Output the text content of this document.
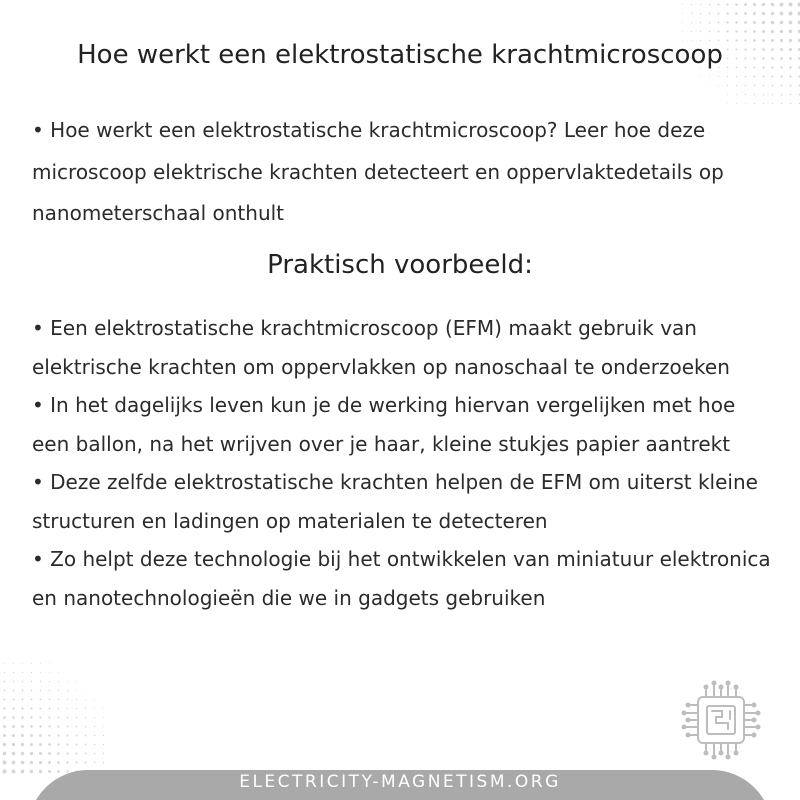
Hoe werkt een elektrostatische krachtmicroscoop

• Hoe werkt een elektrostatische krachtmicroscoop? Leer hoe deze microscoop elektrische krachten detecteert en oppervlaktedetails op nanometerschaal onthult

Praktisch voorbeeld:
• Een elektrostatische krachtmicroscoop (EFM) maakt gebruik van elektrische krachten om oppervlakken op nanoschaal te onderzoeken
• In het dagelijks leven kun je de werking hiervan vergelijken met hoe een ballon, na het wrijven over je haar, kleine stukjes papier aantrekt
• Deze zelfde elektrostatische krachten helpen de EFM om uiterst kleine structuren en ladingen op materialen te detecteren
• Zo helpt deze technologie bij het ontwikkelen van miniatuur elektronica en nanotechnologieën die we in gadgets gebruiken
ELECTRICITY-MAGNETISM.ORG
